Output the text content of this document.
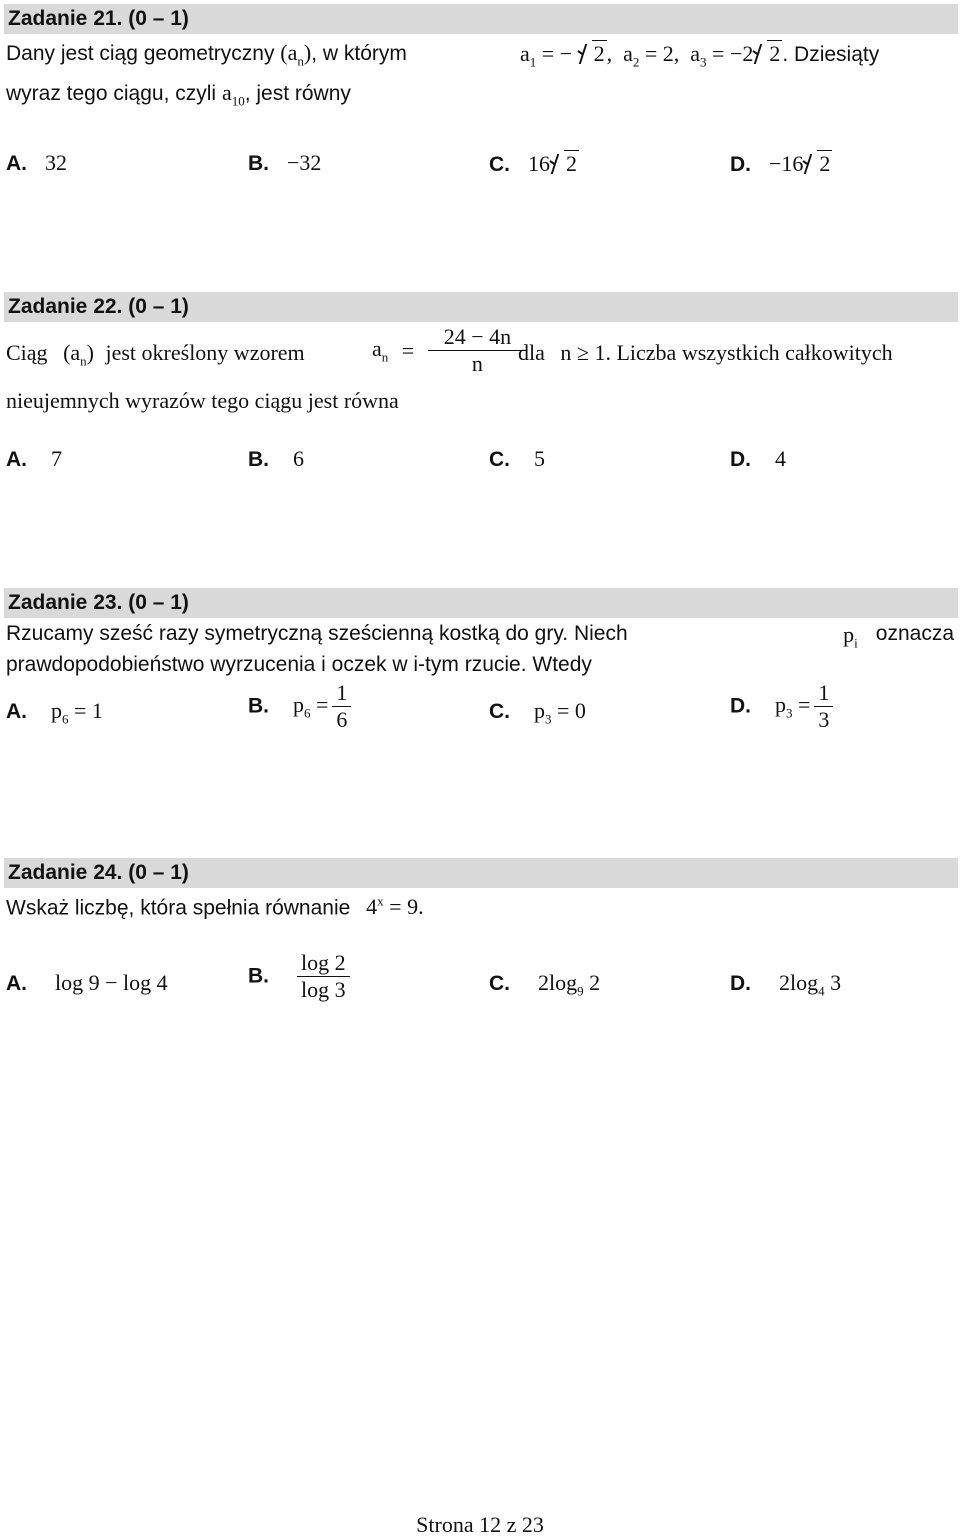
Zadanie 21. (0 – 1)
Dany jest ciąg geometryczny $(a_n)$, w którym	$a_1$ = − 2,  $a_2 = 2$,  $a_3 = -2$ 2. Dziesiąty
wyraz tego ciągu, czyli $a_{10}$, jest równy
A. 32	B. −32	C. 16 2	D. −16 2
Zadanie 22. (0 – 1)
Ciąg $(a_n)$ jest określony wzorem	$a_n = \frac{24 - 4n}{n}$
dla n ≥ 1. Liczba wszystkich całkowitych
nieujemnych wyrazów tego ciągu jest równa
A. 7	B. 6	C. 5	D. 4
Zadanie 23. (0 – 1)
Rzucamy sześć razy symetryczną sześcienną kostką do gry. Niech	$p_i$ oznacza
prawdopodobieństwo wyrzucenia i oczek w i-tym rzucie. Wtedy
A. $p_6 = 1$	B. $p_6 = \frac{1}{6}$	C. $p_3 = 0$	D. $p_3 = \frac{1}{3}$
Zadanie 24. (0 – 1)
Wskaż liczbę, która spełnia równanie $4^x = 9$.
A. log 9 − log 4	B. $\frac{\log 2}{\log 3}$	C. $2\log_9$ 2	D. $2\log_4$ 3
Strona 12 z 23
